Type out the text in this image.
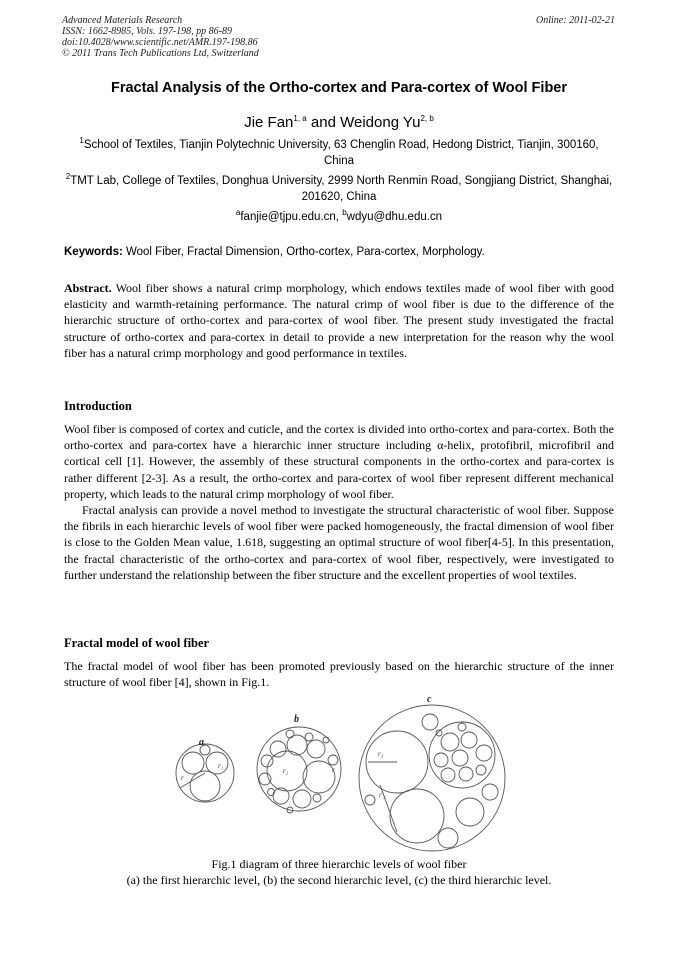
Advanced Materials Research
ISSN: 1662-8985, Vols. 197-198, pp 86-89
doi:10.4028/www.scientific.net/AMR.197-198.86
© 2011 Trans Tech Publications Ltd, Switzerland
Online: 2011-02-21
Fractal Analysis of the Ortho-cortex and Para-cortex of Wool Fiber
Jie Fan$^{1, a}$ and Weidong Yu$^{2, b}$
$^1$School of Textiles, Tianjin Polytechnic University, 63 Chenglin Road, Hedong District, Tianjin, 300160, China
$^2$TMT Lab, College of Textiles, Donghua University, 2999 North Renmin Road, Songjiang District, Shanghai, 201620, China
$^a$fanjie@tjpu.edu.cn, $^b$wdyu@dhu.edu.cn
Keywords: Wool Fiber, Fractal Dimension, Ortho-cortex, Para-cortex, Morphology.
Abstract. Wool fiber shows a natural crimp morphology, which endows textiles made of wool fiber with good elasticity and warmth-retaining performance. The natural crimp of wool fiber is due to the difference of the hierarchic structure of ortho-cortex and para-cortex of wool fiber. The present study investigated the fractal structure of ortho-cortex and para-cortex in detail to provide a new interpretation for the reason why the wool fiber has a natural crimp morphology and good performance in textiles.
Introduction

Wool fiber is composed of cortex and cuticle, and the cortex is divided into ortho-cortex and para-cortex. Both the ortho-cortex and para-cortex have a hierarchic inner structure including α-helix, protofibril, microfibril and cortical cell [1]. However, the assembly of these structural components in the ortho-cortex and para-cortex is rather different [2-3]. As a result, the ortho-cortex and para-cortex of wool fiber represent different mechanical property, which leads to the natural crimp morphology of wool fiber.

Fractal analysis can provide a novel method to investigate the structural characteristic of wool fiber. Suppose the fibrils in each hierarchic levels of wool fiber were packed homogeneously, the fractal dimension of wool fiber is close to the Golden Mean value, 1.618, suggesting an optimal structure of wool fiber[4-5]. In this presentation, the fractal characteristic of the ortho-cortex and para-cortex of wool fiber, respectively, were investigated to further understand the relationship between the fiber structure and the excellent properties of wool textiles.

Fractal model of wool fiber

The fractal model of wool fiber has been promoted previously based on the hierarchic structure of the inner structure of wool fiber [4], shown in Fig.1.

a
b
c
r₁
r
r₂	r
r₂
r'₂
Fig.1 diagram of three hierarchic levels of wool fiber
(a) the first hierarchic level, (b) the second hierarchic level, (c) the third hierarchic level.
